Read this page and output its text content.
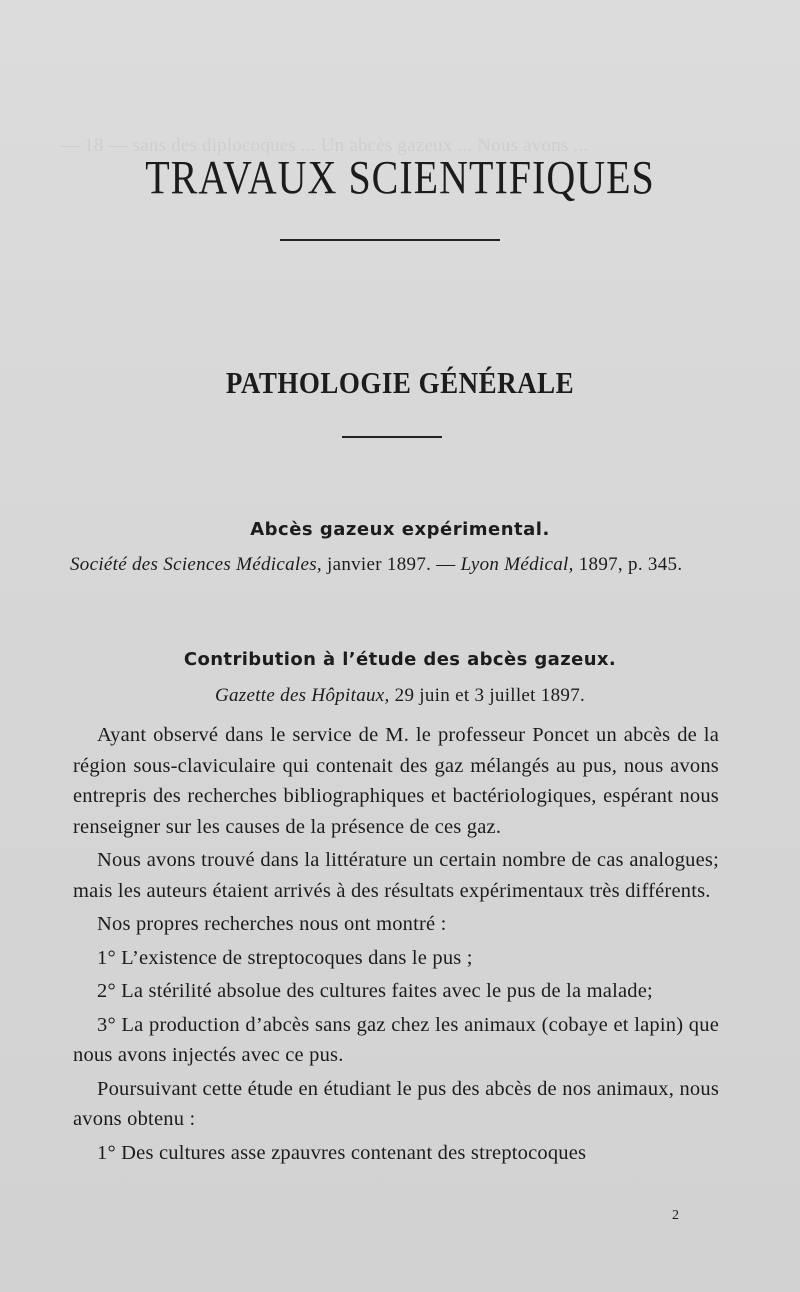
— 18 — sans des diplocoques ... Un abcès gazeux ... Nous avons ...
TRAVAUX SCIENTIFIQUES
PATHOLOGIE GÉNÉRALE
Abcès gazeux expérimental.
Société des Sciences Médicales, janvier 1897. — Lyon Médical, 1897, p. 345.
Contribution à l’étude des abcès gazeux.
Gazette des Hôpitaux, 29 juin et 3 juillet 1897.

Ayant observé dans le service de M. le professeur Poncet un abcès de la région sous-claviculaire qui contenait des gaz mélangés au pus, nous avons entrepris des recherches bibliographiques et bactériologiques, espérant nous renseigner sur les causes de la présence de ces gaz.

Nous avons trouvé dans la littérature un certain nombre de cas analogues; mais les auteurs étaient arrivés à des résultats expérimentaux très différents.

Nos propres recherches nous ont montré :

1° L’existence de streptocoques dans le pus ;

2° La stérilité absolue des cultures faites avec le pus de la malade;

3° La production d’abcès sans gaz chez les animaux (cobaye et lapin) que nous avons injectés avec ce pus.

Poursuivant cette étude en étudiant le pus des abcès de nos animaux, nous avons obtenu :

1° Des cultures asse zpauvres contenant des streptocoques

2
